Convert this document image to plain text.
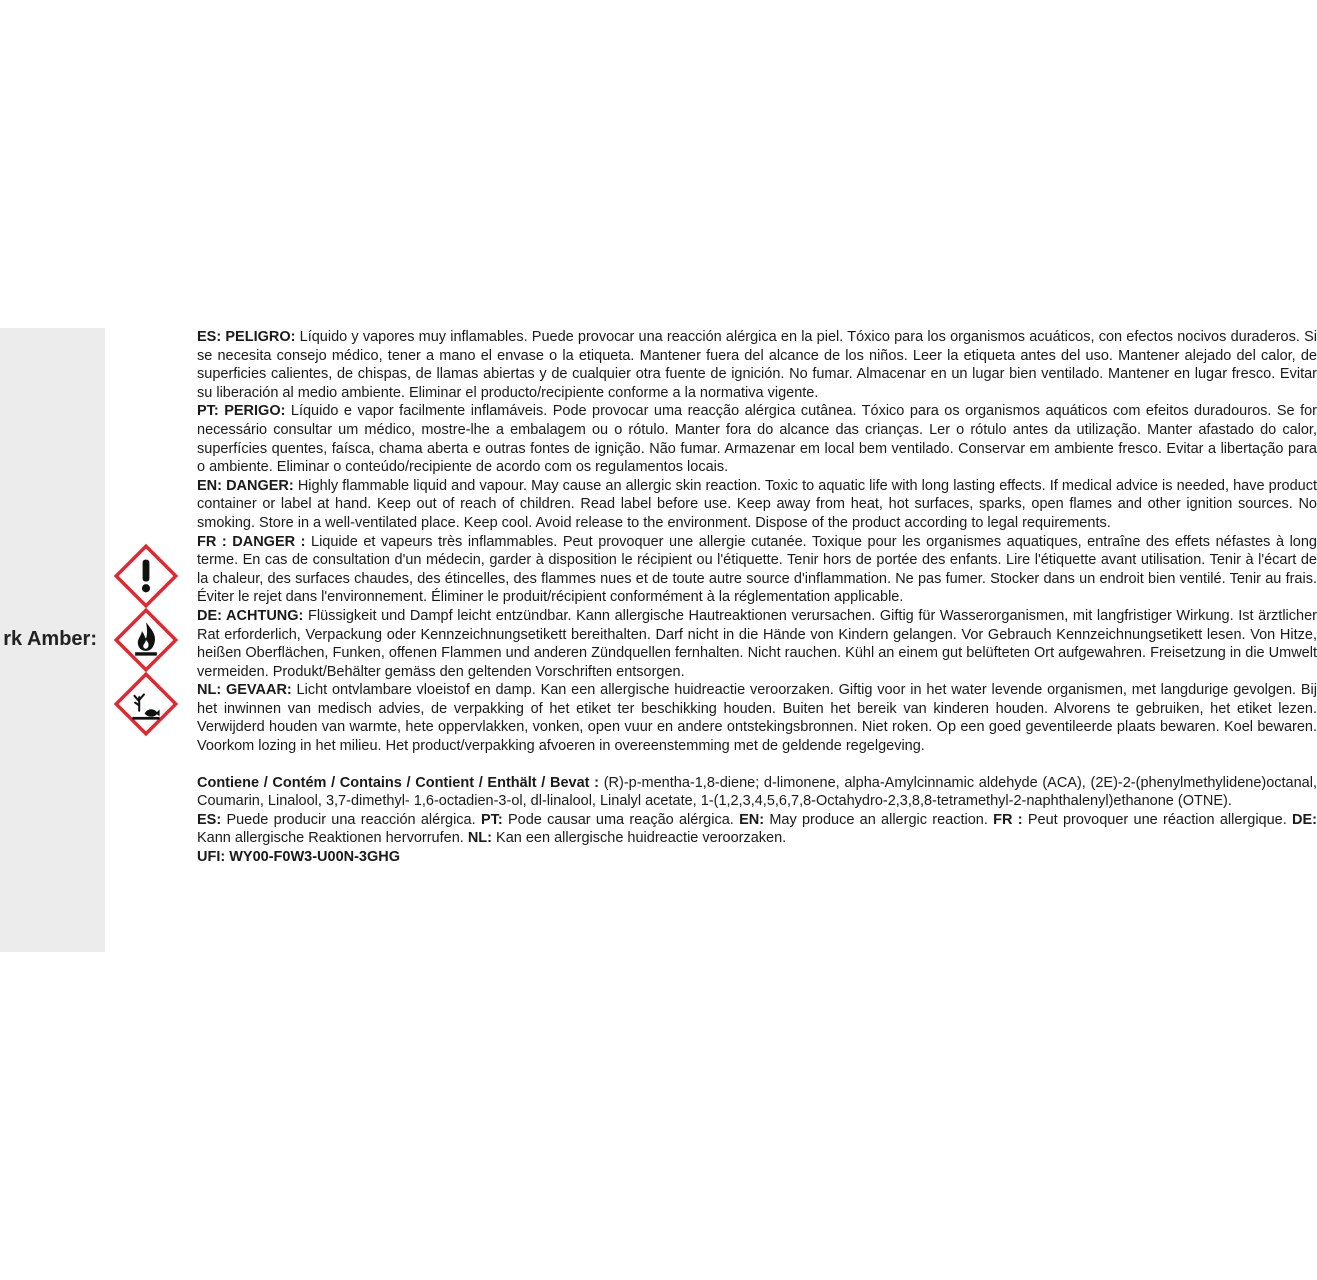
rk Amber:

ES: PELIGRO: Líquido y vapores muy inflamables. Puede provocar una reacción alérgica en la piel. Tóxico para los organismos acuáticos, con efectos nocivos duraderos. Si se necesita consejo médico, tener a mano el envase o la etiqueta. Mantener fuera del alcance de los niños. Leer la etiqueta antes del uso. Mantener alejado del calor, de superficies calientes, de chispas, de llamas abiertas y de cualquier otra fuente de ignición. No fumar. Almacenar en un lugar bien ventilado. Mantener en lugar fresco. Evitar su liberación al medio ambiente. Eliminar el producto/recipiente conforme a la normativa vigente.

PT: PERIGO: Líquido e vapor facilmente inflamáveis. Pode provocar uma reacção alérgica cutânea. Tóxico para os organismos aquáticos com efeitos duradouros. Se for necessário consultar um médico, mostre-lhe a embalagem ou o rótulo. Manter fora do alcance das crianças. Ler o rótulo antes da utilização. Manter afastado do calor, superfícies quentes, faísca, chama aberta e outras fontes de ignição. Não fumar. Armazenar em local bem ventilado. Conservar em ambiente fresco. Evitar a libertação para o ambiente. Eliminar o conteúdo/recipiente de acordo com os regulamentos locais.

EN: DANGER: Highly flammable liquid and vapour. May cause an allergic skin reaction. Toxic to aquatic life with long lasting effects. If medical advice is needed, have product container or label at hand. Keep out of reach of children. Read label before use. Keep away from heat, hot surfaces, sparks, open flames and other ignition sources. No smoking. Store in a well-ventilated place. Keep cool. Avoid release to the environment. Dispose of the product according to legal requirements.

FR : DANGER : Liquide et vapeurs très inflammables. Peut provoquer une allergie cutanée. Toxique pour les organismes aquatiques, entraîne des effets néfastes à long terme. En cas de consultation d'un médecin, garder à disposition le récipient ou l'étiquette. Tenir hors de portée des enfants. Lire l'étiquette avant utilisation. Tenir à l'écart de la chaleur, des surfaces chaudes, des étincelles, des flammes nues et de toute autre source d'inflammation. Ne pas fumer. Stocker dans un endroit bien ventilé. Tenir au frais. Éviter le rejet dans l'environnement. Éliminer le produit/récipient conformément à la réglementation applicable.

DE: ACHTUNG: Flüssigkeit und Dampf leicht entzündbar. Kann allergische Hautreaktionen verursachen. Giftig für Wasserorganismen, mit langfristiger Wirkung. Ist ärztlicher Rat erforderlich, Verpackung oder Kennzeichnungsetikett bereithalten. Darf nicht in die Hände von Kindern gelangen. Vor Gebrauch Kennzeichnungsetikett lesen. Von Hitze, heißen Oberflächen, Funken, offenen Flammen und anderen Zündquellen fernhalten. Nicht rauchen. Kühl an einem gut belüfteten Ort aufgewahren. Freisetzung in die Umwelt vermeiden. Produkt/Behälter gemäss den geltenden Vorschriften entsorgen.

NL: GEVAAR: Licht ontvlambare vloeistof en damp. Kan een allergische huidreactie veroorzaken. Giftig voor in het water levende organismen, met langdurige gevolgen. Bij het inwinnen van medisch advies, de verpakking of het etiket ter beschikking houden. Buiten het bereik van kinderen houden. Alvorens te gebruiken, het etiket lezen. Verwijderd houden van warmte, hete oppervlakken, vonken, open vuur en andere ontstekingsbronnen. Niet roken. Op een goed geventileerde plaats bewaren. Koel bewaren. Voorkom lozing in het milieu. Het product/verpakking afvoeren in overeenstemming met de geldende regelgeving.

Contiene / Contém / Contains / Contient / Enthält / Bevat : (R)-p-mentha-1,8-diene; d-limonene, alpha-Amylcinnamic aldehyde (ACA), (2E)-2-(phenylmethylidene)octanal, Coumarin, Linalool, 3,7-dimethyl- 1,6-octadien-3-ol, dl-linalool, Linalyl acetate, 1-(1,2,3,4,5,6,7,8-Octahydro-2,3,8,8-tetramethyl-2-naphthalenyl)ethanone (OTNE).

ES: Puede producir una reacción alérgica. PT: Pode causar uma reação alérgica. EN: May produce an allergic reaction. FR : Peut provoquer une réaction allergique. DE: Kann allergische Reaktionen hervorrufen. NL: Kan een allergische huidreactie veroorzaken.

UFI: WY00-F0W3-U00N-3GHG
